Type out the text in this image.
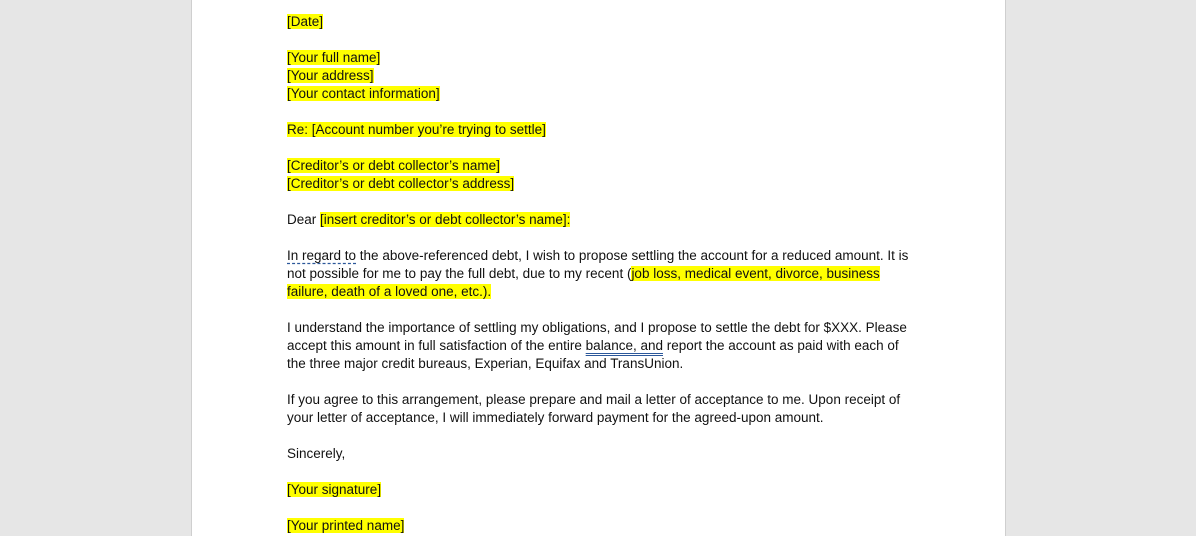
[Date]

[Your full name]

[Your address]

[Your contact information]

Re: [Account number you’re trying to settle]

[Creditor’s or debt collector’s name]

[Creditor’s or debt collector’s address]

Dear [insert creditor’s or debt collector’s name]:

In regard to the above-referenced debt, I wish to propose settling the account for a reduced amount. It is not possible for me to pay the full debt, due to my recent (job loss, medical event, divorce, business failure, death of a loved one, etc.).

I understand the importance of settling my obligations, and I propose to settle the debt for $XXX. Please accept this amount in full satisfaction of the entire balance, and report the account as paid with each of the three major credit bureaus, Experian, Equifax and TransUnion.

If you agree to this arrangement, please prepare and mail a letter of acceptance to me. Upon receipt of your letter of acceptance, I will immediately forward payment for the agreed-upon amount.

Sincerely,

[Your signature]

[Your printed name]
